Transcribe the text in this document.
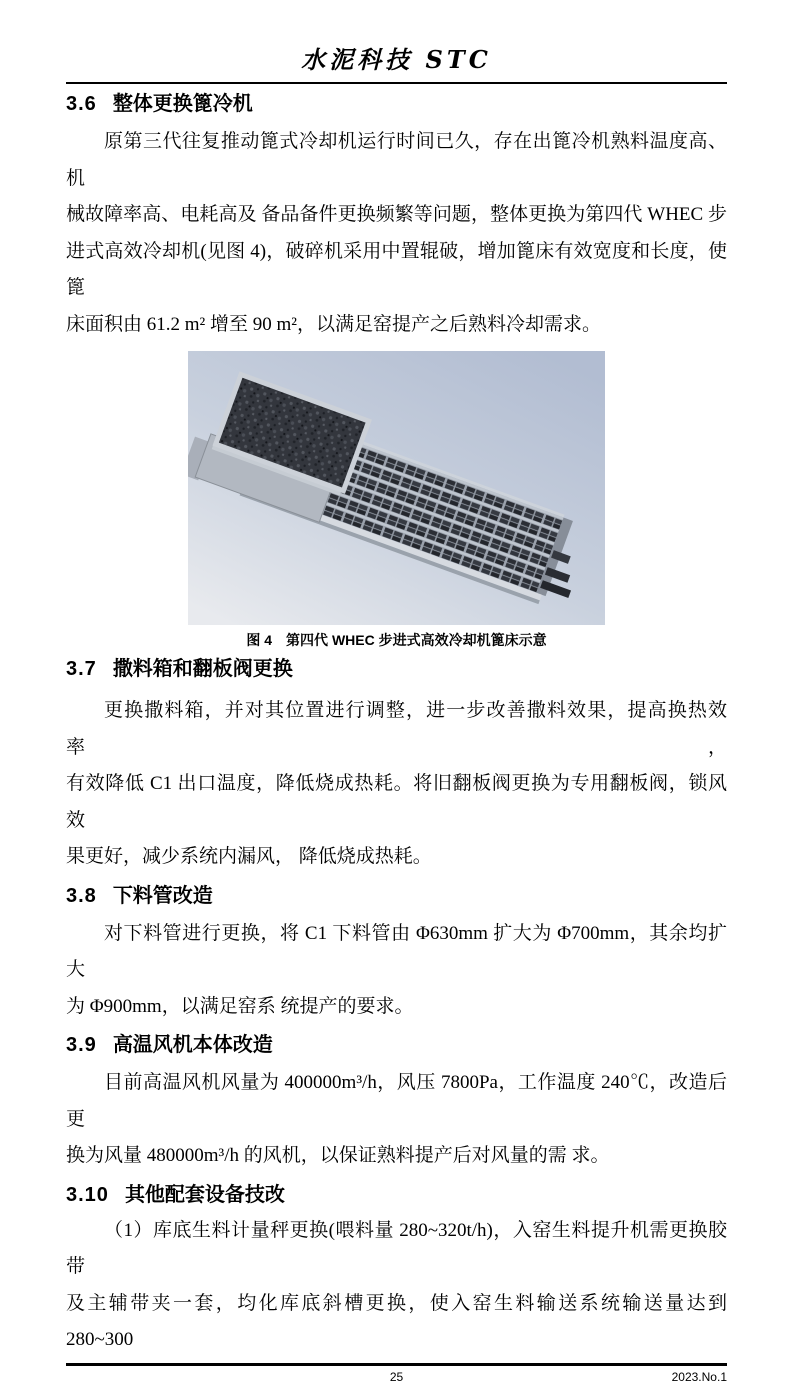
水泥科技 STC
3.6 整体更换篦冷机
原第三代往复推动篦式冷却机运行时间已久，存在出篦冷机熟料温度高、机
械故障率高、电耗高及 备品备件更换频繁等问题，整体更换为第四代 WHEC 步
进式高效冷却机(见图 4)，破碎机采用中置辊破，增加篦床有效宽度和长度，使篦
床面积由 61.2 m² 增至 90 m²，以满足窑提产之后熟料冷却需求。
图 4　第四代 WHEC 步进式高效冷却机篦床示意
3.7 撒料箱和翻板阀更换
更换撒料箱，并对其位置进行调整，进一步改善撒料效果，提高换热效率，
有效降低 C1 出口温度，降低烧成热耗。将旧翻板阀更换为专用翻板阀，锁风 效
果更好，减少系统内漏风， 降低烧成热耗。
3.8 下料管改造
对下料管进行更换，将 C1 下料管由 Φ630mm 扩大为 Φ700mm，其余均扩大
为 Φ900mm，以满足窑系 统提产的要求。
3.9 高温风机本体改造
目前高温风机风量为 400000m³/h，风压 7800Pa，工作温度 240℃，改造后更
换为风量 480000m³/h 的风机，以保证熟料提产后对风量的需 求。
3.10 其他配套设备技改
（1）库底生料计量秤更换(喂料量 280~320t/h)，入窑生料提升机需更换胶带
及主辅带夹一套，均化库底斜槽更换，使入窑生料输送系统输送量达到 280~300
25	2023.No.1
